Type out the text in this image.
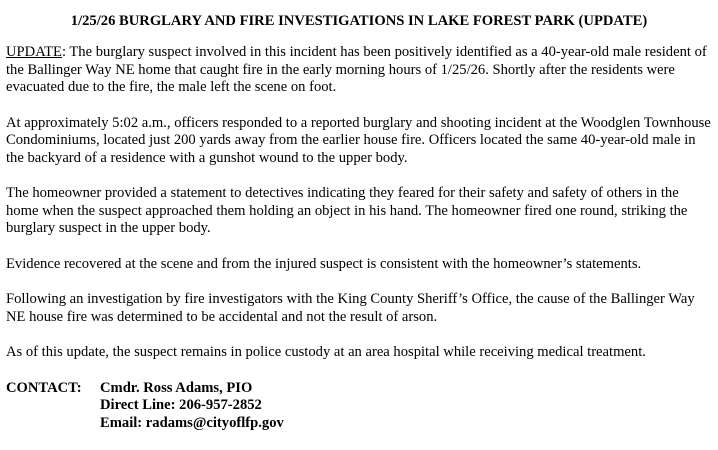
1/25/26 BURGLARY AND FIRE INVESTIGATIONS IN LAKE FOREST PARK (UPDATE)

UPDATE: The burglary suspect involved in this incident has been positively identified as a 40-year-old male resident of the Ballinger Way NE home that caught fire in the early morning hours of 1/25/26. Shortly after the residents were evacuated due to the fire, the male left the scene on foot.

At approximately 5:02 a.m., officers responded to a reported burglary and shooting incident at the Woodglen Townhouse Condominiums, located just 200 yards away from the earlier house fire. Officers located the same 40-year-old male in the backyard of a residence with a gunshot wound to the upper body.

The homeowner provided a statement to detectives indicating they feared for their safety and safety of others in the home when the suspect approached them holding an object in his hand. The homeowner fired one round, striking the burglary suspect in the upper body.

Evidence recovered at the scene and from the injured suspect is consistent with the homeowner’s statements.

Following an investigation by fire investigators with the King County Sheriff’s Office, the cause of the Ballinger Way NE house fire was determined to be accidental and not the result of arson.

As of this update, the suspect remains in police custody at an area hospital while receiving medical treatment.

CONTACT:	Cmdr. Ross Adams, PIO
Direct Line: 206-957-2852
Email: radams@cityoflfp.gov
